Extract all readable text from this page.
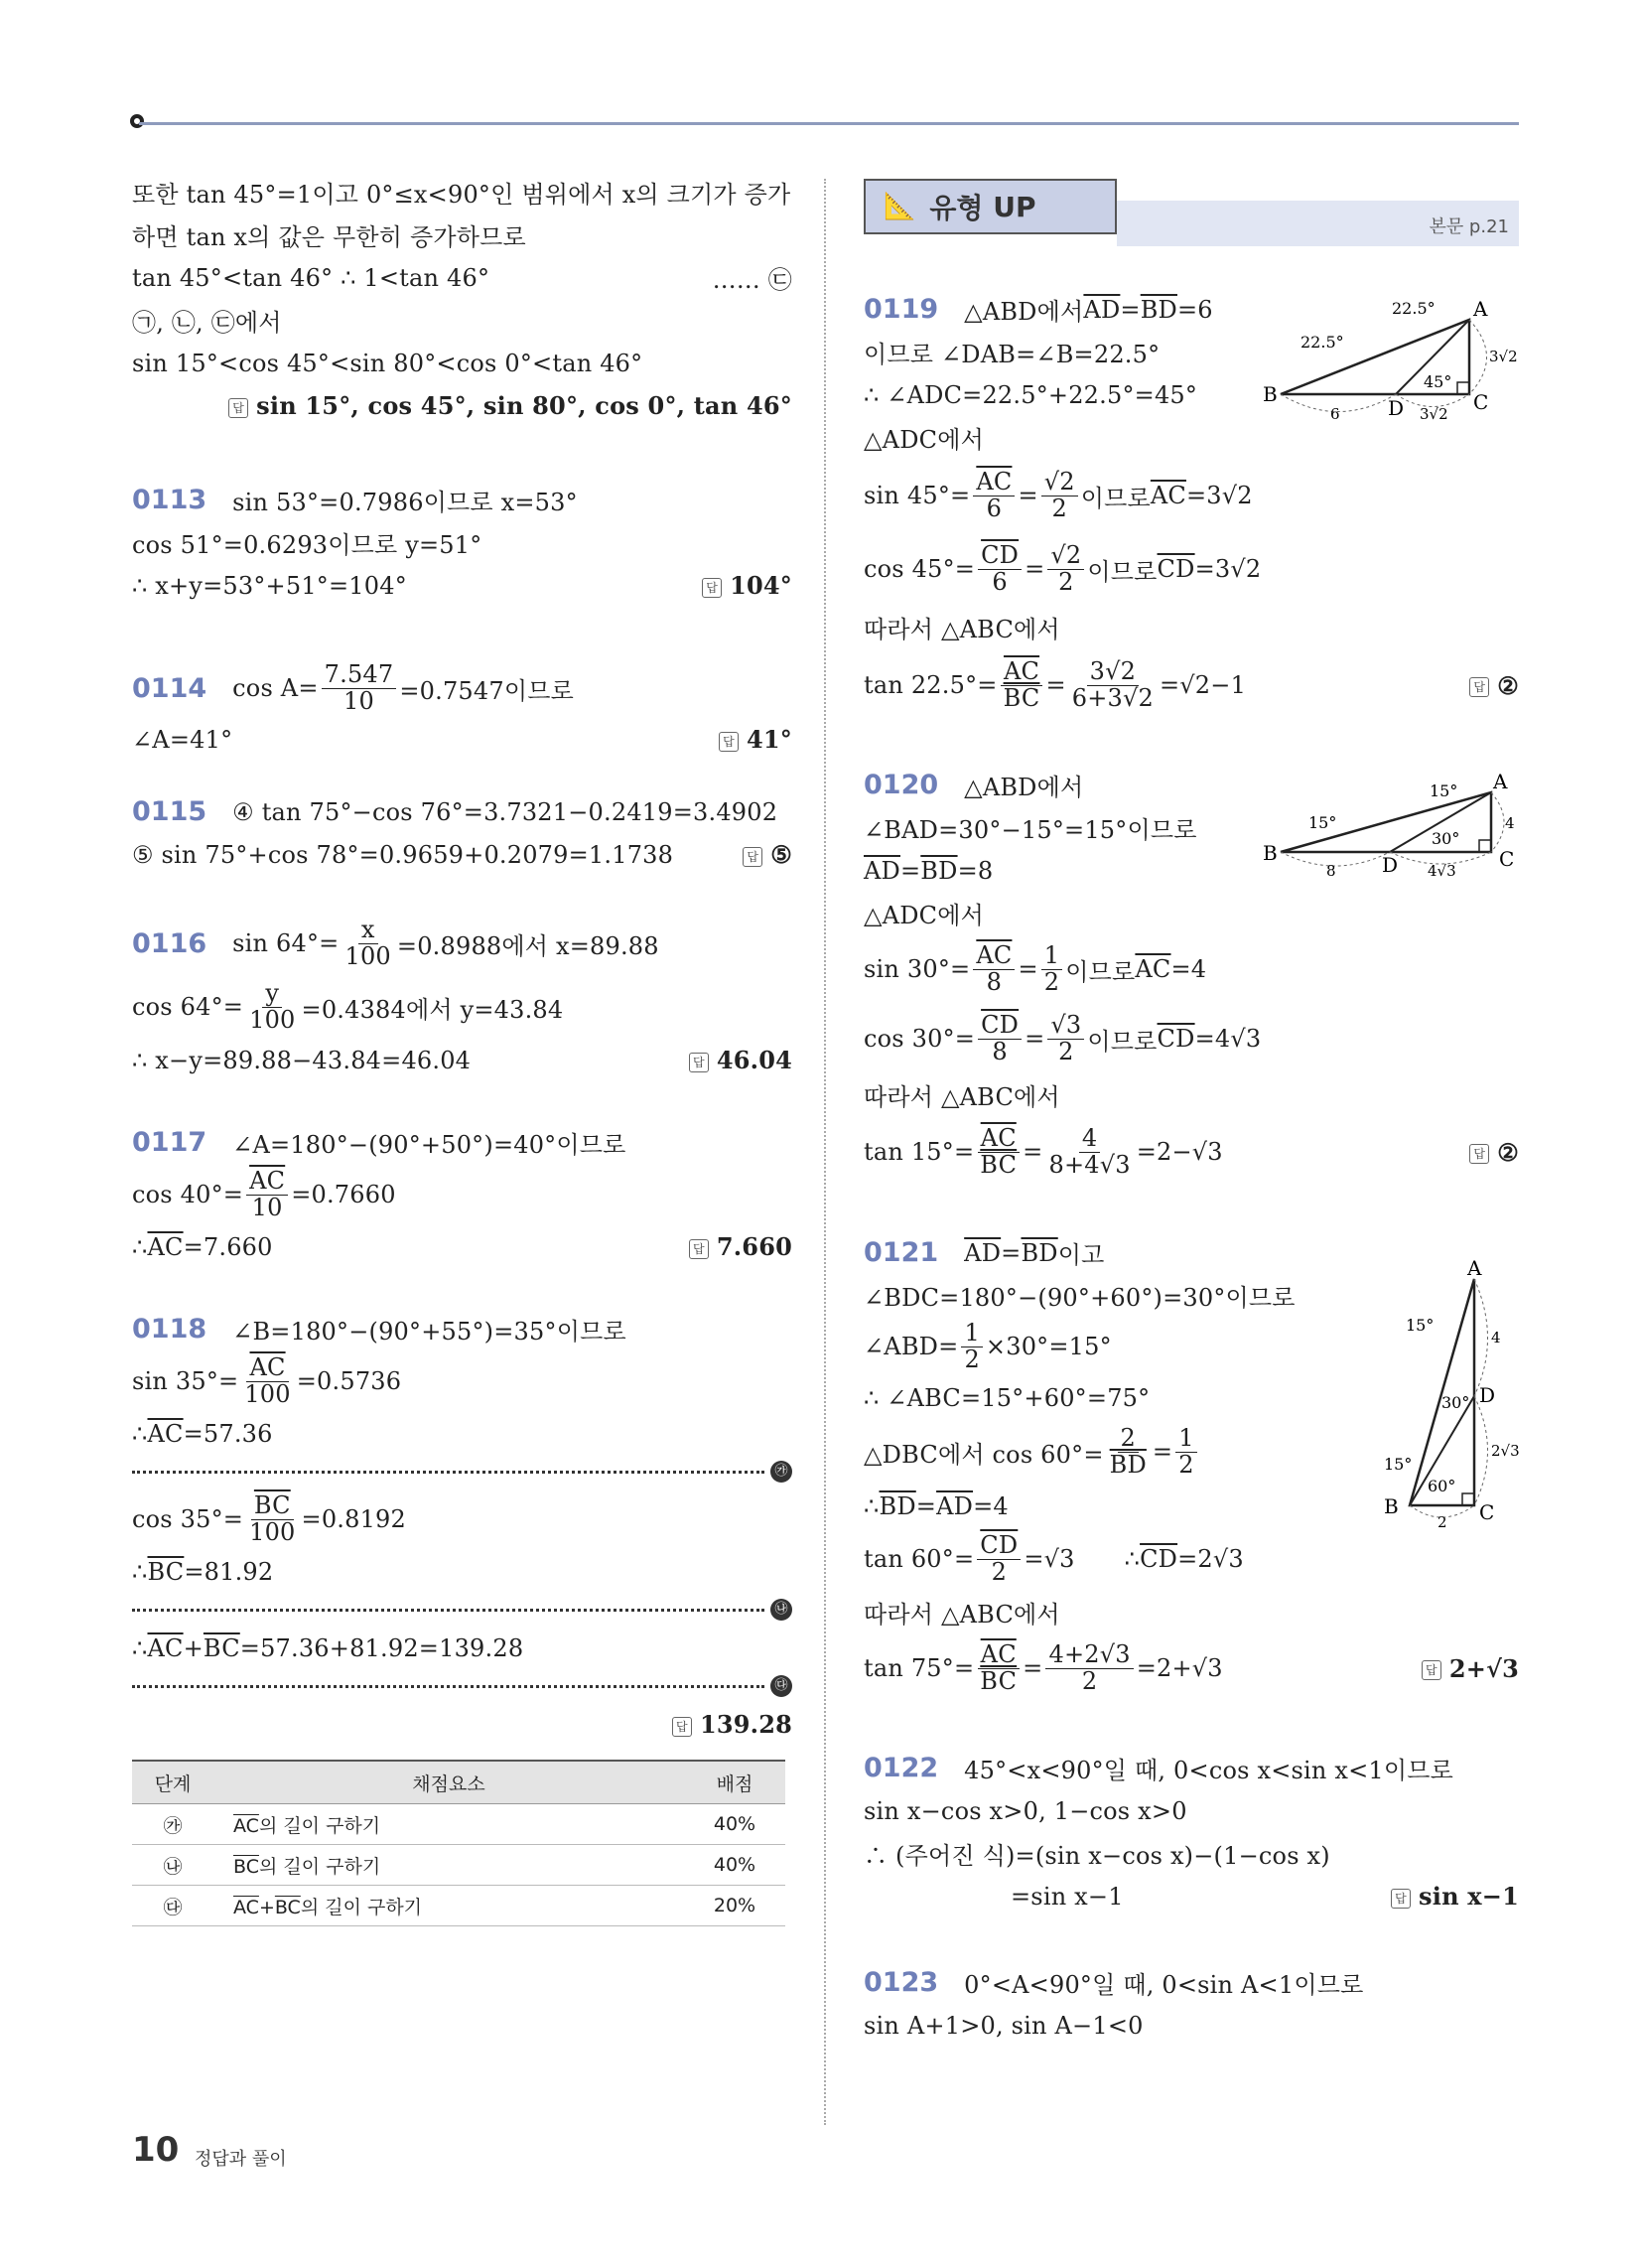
또한 tan 45°=1이고 0°≤x<90°인 범위에서 x의 크기가 증가
하면 tan x의 값은 무한히 증가하므로
tan 45°<tan 46° ∴ 1<tan 46°	…… ㉢
㉠, ㉡, ㉢에서
sin 15°<cos 45°<sin 80°<cos 0°<tan 46°
답 sin 15°, cos 45°, sin 80°, cos 0°, tan 46°
0113 sin 53°=0.7986이므로 x=53°
cos 51°=0.6293이므로 y=51°
∴ x+y=53°+51°=104°	답 104°
0114 $\cos A= \frac{7.547}{10} =0.7547$이므로
∠A=41°	답 41°
0115 ④ tan 75°−cos 76°=3.7321−0.2419=3.4902
⑤ sin 75°+cos 78°=0.9659+0.2079=1.1738	답 ⑤
0116 $\sin 64^\circ= \frac{x}{100} =0.8988$에서 x=89.88
$\cos 64^\circ= \frac{y}{100} =0.4384$에서 y=43.84
∴ x−y=89.88−43.84=46.04	답 46.04
0117 ∠A=180°−(90°+50°)=40°이므로
$\cos 40^\circ= \frac{\overline{AC}}{10} =0.7660$
∴ $\overline{AC} =7.660$	답 7.660
0118 ∠B=180°−(90°+55°)=35°이므로
$\sin 35^\circ= \frac{\overline{AC}}{100} =0.5736$
∴ $\overline{AC} =57.36$
㉮
$\cos 35^\circ= \frac{\overline{BC}}{100} =0.8192$
∴ $\overline{BC} =81.92$
㉯
∴ $\overline{AC} + \overline{BC} =57.36+81.92=139.28$
㉰
답 139.28
단계	채점요소	배점
㉮	$\overline{AC}$의 길이 구하기	40%
㉯	$\overline{BC}$의 길이 구하기	40%
㉰	$\overline{AC}+\overline{BC}$의 길이 구하기	20%
📐 유형
UP
본문 p.21
0119 △ABD에서 $\overline{AD} = \overline{BD} =6$
이므로 ∠DAB=∠B=22.5°
∴ ∠ADC=22.5°+22.5°=45°
△ADC에서
$\sin 45^\circ= \frac{\overline{AC}}{6} = \frac{√2}{2}$ 이므로 $\overline{AC} =3√2$
$\cos 45^\circ= \frac{\overline{CD}}{6} = \frac{√2}{2}$ 이므로 $\overline{CD} =3√2$
따라서 △ABC에서
$\tan 22.5^\circ= \frac{\overline{AC}}{BC} = \frac{3√2}{6+3√2} =√2-1$	답 ②
0120 △ABD에서
∠BAD=30°−15°=15°이므로
$\overline{AD} = \overline{BD} =8$
△ADC에서
$\sin 30^\circ= \frac{\overline{AC}}{8} = \frac{1}{2}$ 이므로 $\overline{AC} =4$
$\cos 30^\circ= \frac{\overline{CD}}{8} = \frac{√3}{2}$ 이므로 $\overline{CD} =4√3$
따라서 △ABC에서
$\tan 15^\circ= \frac{\overline{AC}}{BC} = \frac{4}{8+4√3} =2-√3$	답 ②
0121 $\overline{AD} = \overline{BD}$ 이고
∠BDC=180°−(90°+60°)=30°이므로
∠ABD= $\frac{1}{2} \times 30^\circ=15^\circ$
∴ ∠ABC=15°+60°=75°
△DBC에서 $\cos 60^\circ= \frac{2}{BD} = \frac{1}{2}$
∴ $\overline{BD} = \overline{AD} =4$
$\tan 60^\circ= \frac{\overline{CD}}{2} =√3$ ∴ $\overline{CD} =2√3$
따라서 △ABC에서
$\tan 75^\circ= \frac{\overline{AC}}{BC} = \frac{4+2√3}{2} =2+√3$	답 2+√3
0122 45°<x<90°일 때, 0<cos x<sin x<1이므로
sin x−cos x>0, 1−cos x>0
∴ (주어진 식)=(sin x−cos x)−(1−cos x)
=sin x−1	답 sin x−1
0123 0°<A<90°일 때, 0<sin A<1이므로
sin A+1>0, sin A−1<0
A
B	C
D
22.5°
22.5°
45°
6	3√2
3√2
A
B	C
D
15°
15°
30°
8	4√3
4
A
B	C
D
15°
15°
30°
60°
4
2√3
2
10 정답과 풀이
